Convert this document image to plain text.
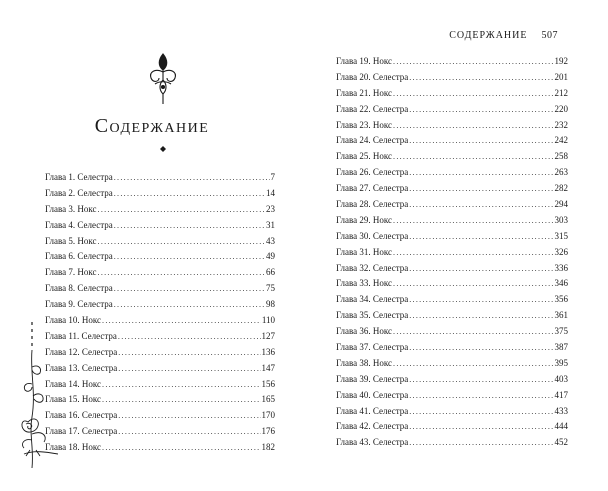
Содержание
Глава 1. Селестра .....	7
Глава 2. Селестра .....	14
Глава 3. Нокс .....	23
Глава 4. Селестра .....	31
Глава 5. Нокс .....	43
Глава 6. Селестра .....	49
Глава 7. Нокс .....	66
Глава 8. Селестра .....	75
Глава 9. Селестра .....	98
Глава 10. Нокс .....	110
Глава 11. Селестра .....	127
Глава 12. Селестра .....	136
Глава 13. Селестра .....	147
Глава 14. Нокс .....	156
Глава 15. Нокс .....	165
Глава 16. Селестра .....	170
Глава 17. Селестра .....	176
Глава 18. Нокс .....	182
СОДЕРЖАНИЕ 507
Глава 19. Нокс .....	192
Глава 20. Селестра .....	201
Глава 21. Нокс .....	212
Глава 22. Селестра .....	220
Глава 23. Нокс .....	232
Глава 24. Селестра .....	242
Глава 25. Нокс .....	258
Глава 26. Селестра .....	263
Глава 27. Селестра .....	282
Глава 28. Селестра .....	294
Глава 29. Нокс .....	303
Глава 30. Селестра .....	315
Глава 31. Нокс .....	326
Глава 32. Селестра .....	336
Глава 33. Нокс .....	346
Глава 34. Селестра .....	356
Глава 35. Селестра .....	361
Глава 36. Нокс .....	375
Глава 37. Селестра .....	387
Глава 38. Нокс .....	395
Глава 39. Селестра .....	403
Глава 40. Селестра .....	417
Глава 41. Селестра .....	433
Глава 42. Селестра .....	444
Глава 43. Селестра .....	452
